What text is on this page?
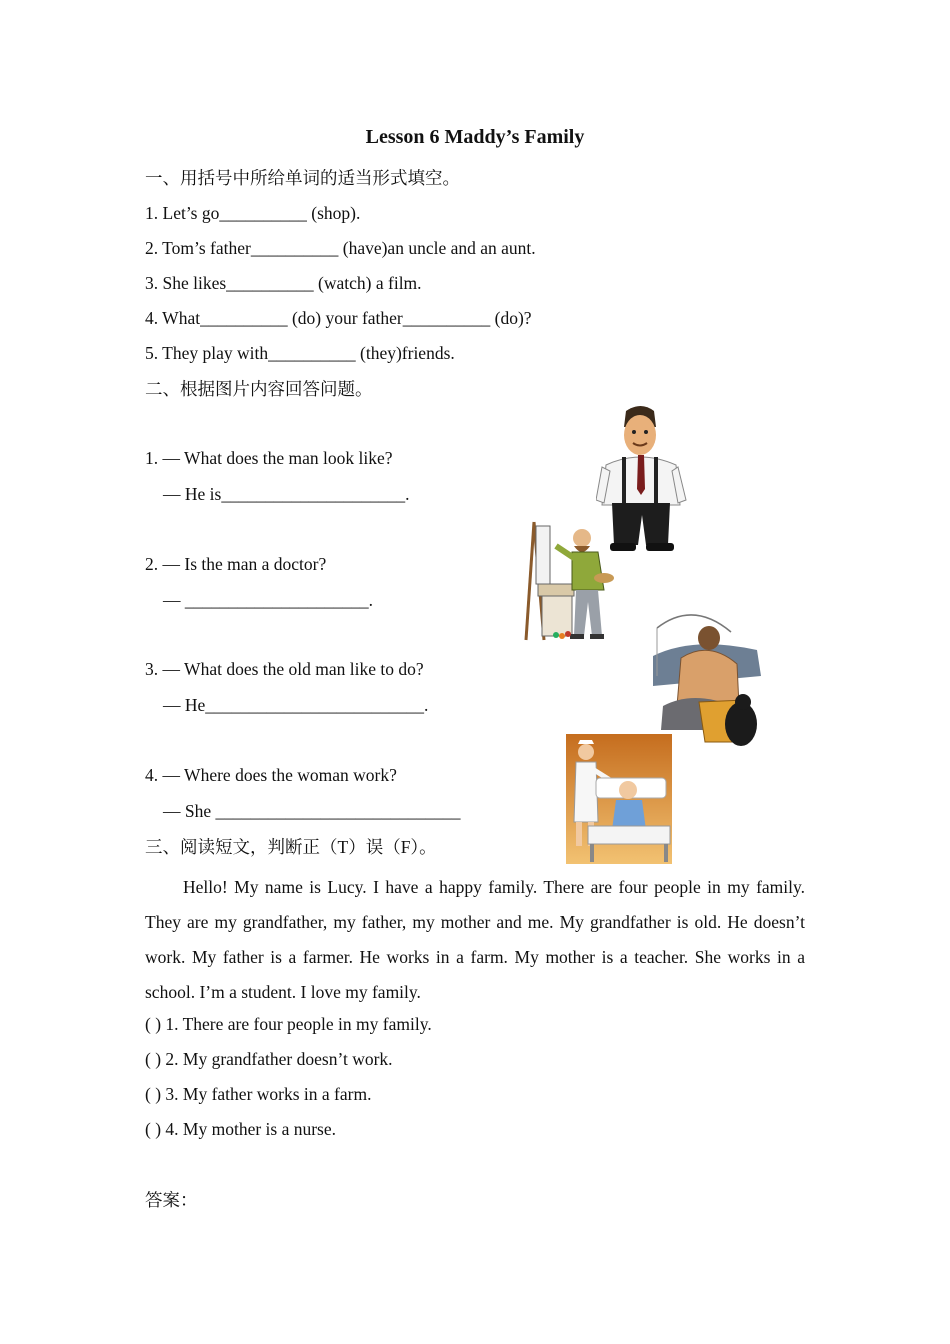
Lesson 6 Maddy’s Family
一、用括号中所给单词的适当形式填空。
1. Let’s go__________ (shop).
2. Tom’s father__________ (have)an uncle and an aunt.
3. She likes__________ (watch) a film.
4. What__________ (do) your father__________ (do)?
5. They play with__________ (they)friends.
二、根据图片内容回答问题。
1. — What does the man look like?
— He is_____________________.
2. — Is the man a doctor?
— _____________________.
3. — What does the old man like to do?
— He_________________________.
4. — Where does the woman work?
— She ____________________________
三、阅读短文，判断正（T）误（F）。
Hello! My name is Lucy. I have a happy family. There are four people in my family. They are my grandfather, my father, my mother and me. My grandfather is old. He doesn’t work. My father is a farmer. He works in a farm. My mother is a teacher. She works in a school. I’m a student. I love my family.
( ) 1. There are four people in my family.
( ) 2. My grandfather doesn’t work.
( ) 3. My father works in a farm.
( ) 4. My mother is a nurse.
答案：
